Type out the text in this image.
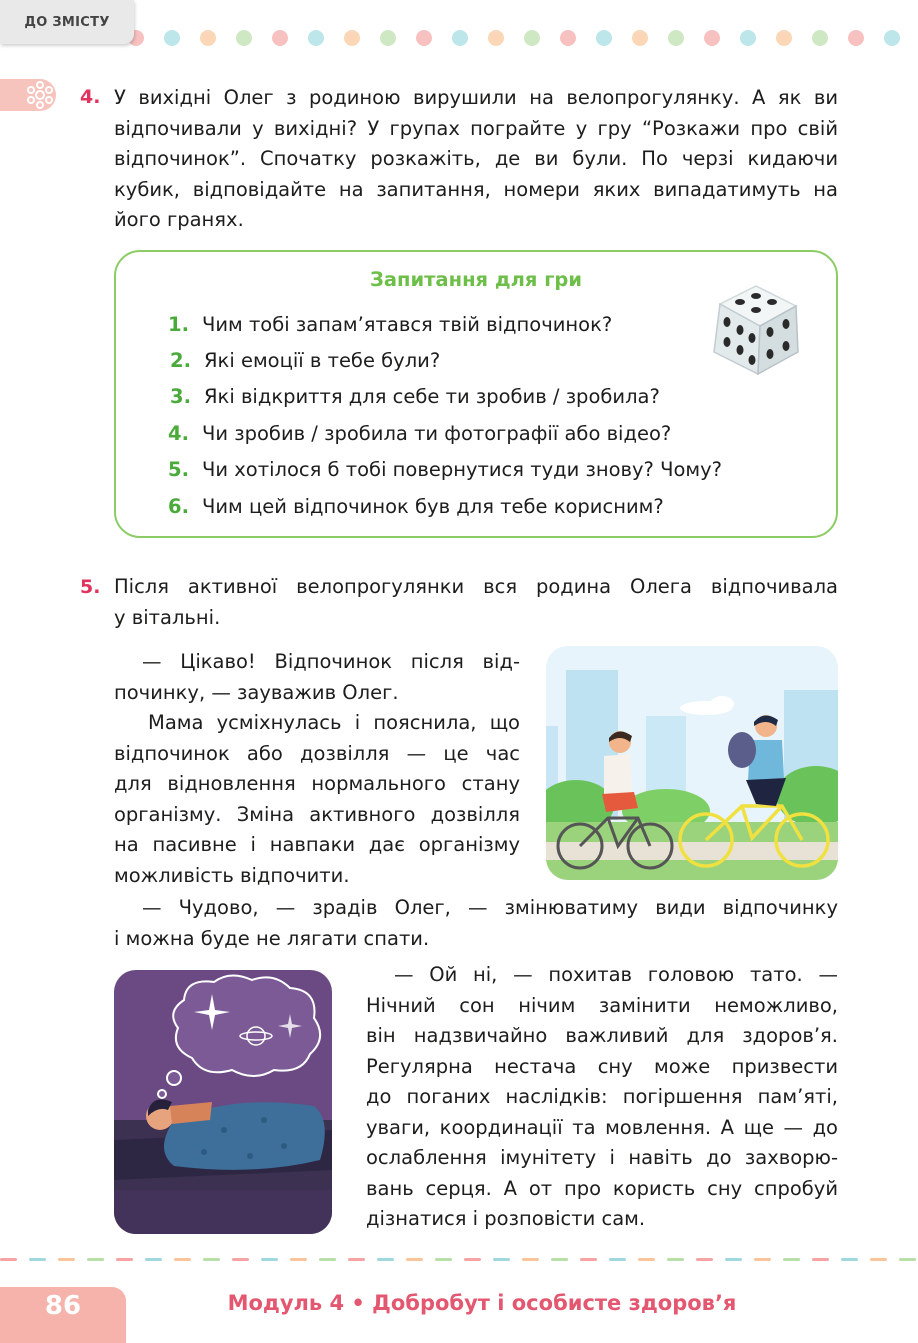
ДО ЗМІСТУ
4. У вихідні Олег з родиною вирушили на велопрогулянку. А як ви

відпочивали у вихідні? У групах пограйте у гру “Розкажи про свій

відпочинок”. Спочатку розкажіть, де ви були. По черзі кидаючи

кубик, відповідайте на запитання, номери яких випадатимуть на

його гранях.

Запитання для гри
1. Чим тобі запам’ятався твій відпочинок?
2. Які емоції в тебе були?
3. Які відкриття для себе ти зробив / зробила?
4. Чи зробив / зробила ти фотографії або відео?
5. Чи хотілося б тобі повернутися туди знову? Чому?
6. Чим цей відпочинок був для тебе корисним?
5. Після активної велопрогулянки вся родина Олега відпочивала

у вітальні.

— Цікаво! Відпочинок після від-

починку, — зауважив Олег.

Мама усміхнулась і пояснила, що

відпочинок або дозвілля — це час

для відновлення нормального стану

організму. Зміна активного дозвілля

на пасивне і навпаки дає організму

можливість відпочити.

— Чудово, — зрадів Олег, — змінюватиму види відпочинку

і можна буде не лягати спати.

— Ой ні, — похитав головою тато. —

Нічний сон нічим замінити неможливо,

він надзвичайно важливий для здоров’я.

Регулярна нестача сну може призвести

до поганих наслідків: погіршення пам’яті,

уваги, координації та мовлення. А ще — до

ослаблення імунітету і навіть до захворю-

вань серця. А от про користь сну спробуй

дізнатися і розповісти сам.

86	Модуль 4 • Добробут і особисте здоров’я
